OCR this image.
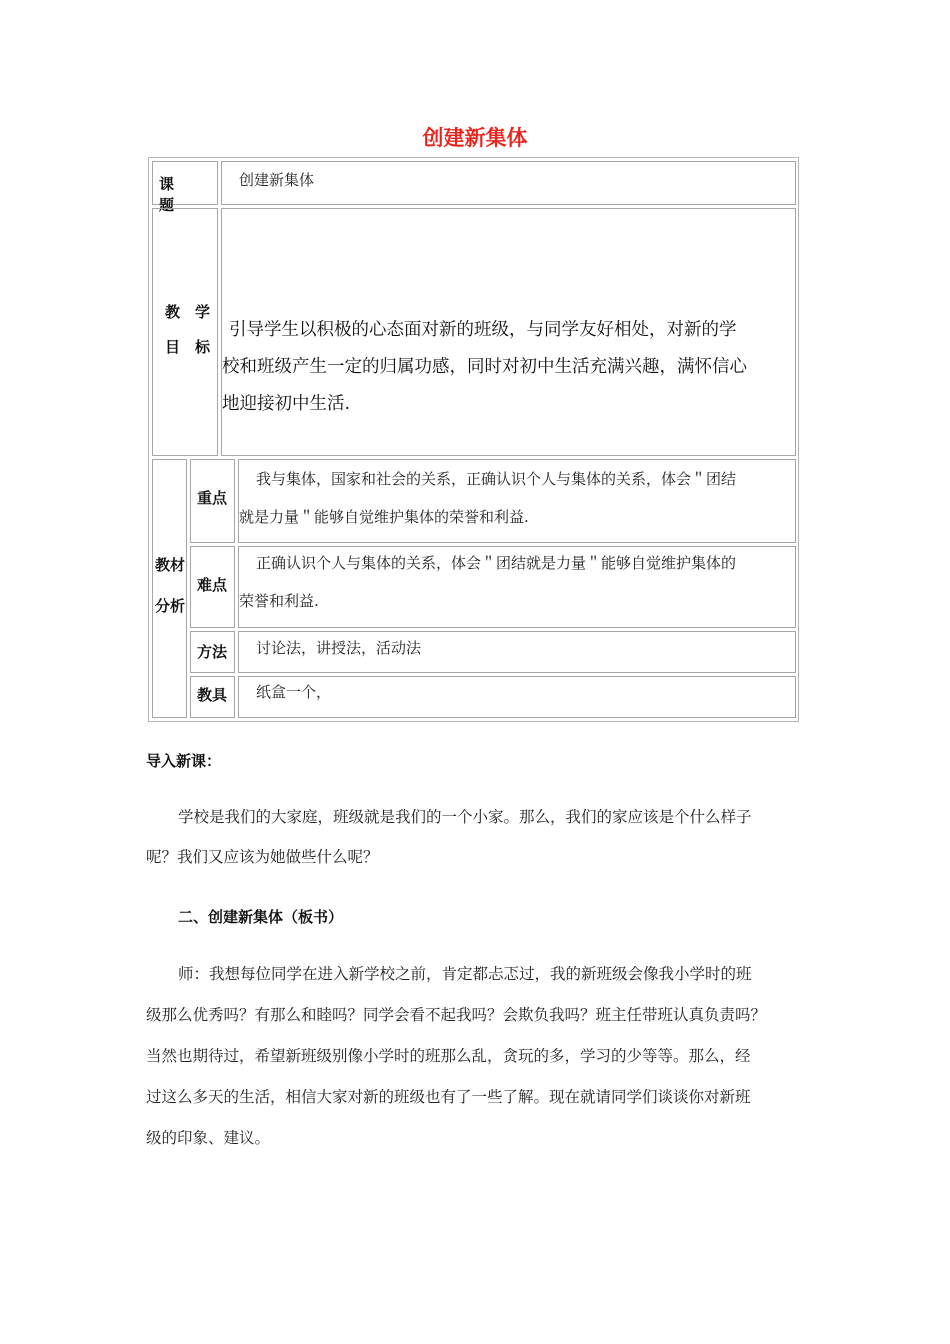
创建新集体
课　　题
创建新集体
教　学
目　标
引导学生以积极的心态面对新的班级，与同学友好相处，对新的学
校和班级产生一定的归属功感，同时对初中生活充满兴趣，满怀信心
地迎接初中生活.
教材
分析
重点
我与集体，国家和社会的关系，正确认识个人与集体的关系，体会＂团结
就是力量＂能够自觉维护集体的荣誉和利益.
难点
正确认识个人与集体的关系，体会＂团结就是力量＂能够自觉维护集体的
荣誉和利益.
方法 讨论法，讲授法，活动法
教具 纸盒一个，
导入新课：
学校是我们的大家庭，班级就是我们的一个小家。那么，我们的家应该是个什么样子
呢？我们又应该为她做些什么呢？
二、创建新集体（板书）
师：我想每位同学在进入新学校之前，肯定都忐忑过，我的新班级会像我小学时的班
级那么优秀吗？有那么和睦吗？同学会看不起我吗？会欺负我吗？班主任带班认真负责吗？
当然也期待过，希望新班级别像小学时的班那么乱，贪玩的多，学习的少等等。那么，经
过这么多天的生活，相信大家对新的班级也有了一些了解。现在就请同学们谈谈你对新班
级的印象、建议。
